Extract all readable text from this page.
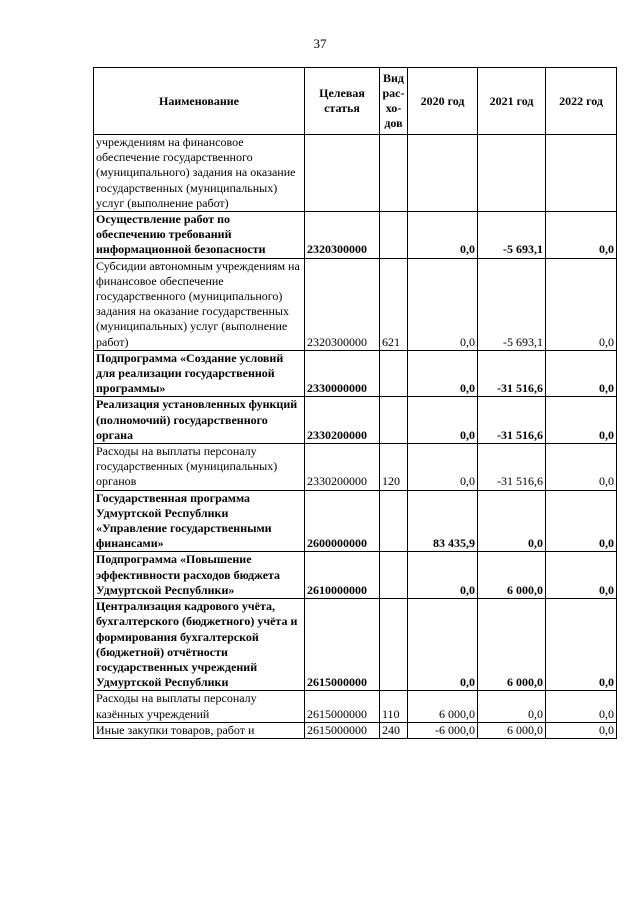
37
Наименование	Целевая статья	Вид рас-хо-дов	2020 год	2021 год	2022 год
учреждениям на финансовое обеспечение государственного (муниципального) задания на оказание государственных (муниципальных) услуг (выполнение работ)					
Осуществление работ по обеспечению требований информационной безопасности	2320300000		0,0	-5 693,1	0,0
Субсидии автономным учреждениям на финансовое обеспечение государственного (муниципального) задания на оказание государственных (муниципальных) услуг (выполнение работ)	2320300000	621	0,0	-5 693,1	0,0
Подпрограмма «Создание условий для реализации государственной программы»	2330000000		0,0	-31 516,6	0,0
Реализация установленных функций (полномочий) государственного органа	2330200000		0,0	-31 516,6	0,0
Расходы на выплаты персоналу государственных (муниципальных) органов	2330200000	120	0,0	-31 516,6	0,0
Государственная программа Удмуртской Республики «Управление государственными финансами»	2600000000		83 435,9	0,0	0,0
Подпрограмма «Повышение эффективности расходов бюджета Удмуртской Республики»	2610000000		0,0	6 000,0	0,0
Централизация кадрового учёта, бухгалтерского (бюджетного) учёта и формирования бухгалтерской (бюджетной) отчётности государственных учреждений Удмуртской Республики	2615000000		0,0	6 000,0	0,0
Расходы на выплаты персоналу казённых учреждений	2615000000	110	6 000,0	0,0	0,0
Иные закупки товаров, работ и	2615000000	240	-6 000,0	6 000,0	0,0
